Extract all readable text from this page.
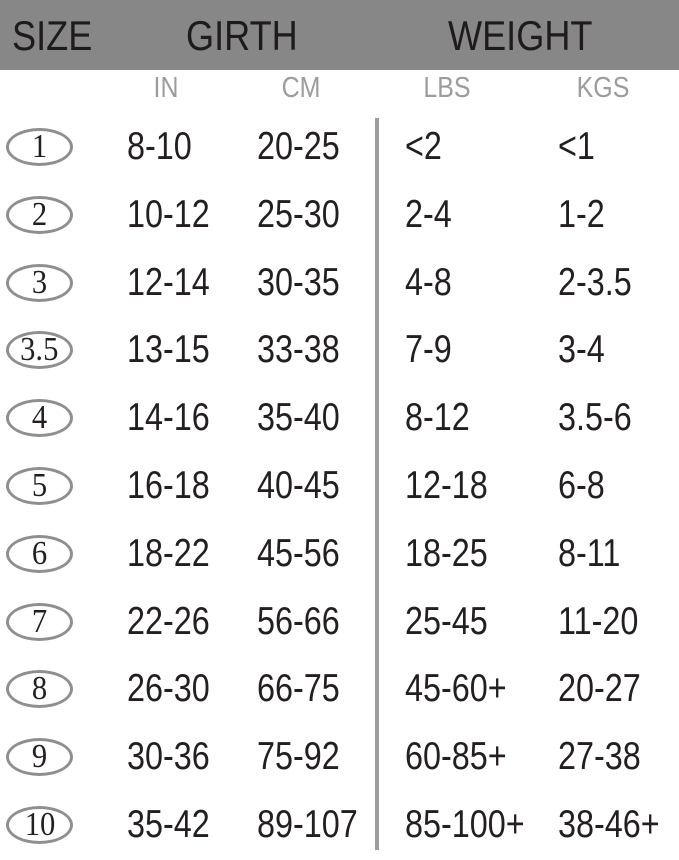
SIZE GIRTH	WEIGHT
IN	CM	LBS	KGS
1	8-10 20-25 <2	<1
2	10-12 25-30 2-4	1-2
3	12-14 30-35 4-8	2-3.5
3.5	13-15 33-38 7-9	3-4
4	14-16 35-40 8-12 3.5-6
5	16-18 40-45 12-18 6-8
6	18-22 45-56 18-25 8-11
7	22-26 56-66 25-45 11-20
8	26-30 66-75 45-60+ 20-27
9	30-36 75-92 60-85+ 27-38
10	35-42 89-107 85-100+ 38-46+
